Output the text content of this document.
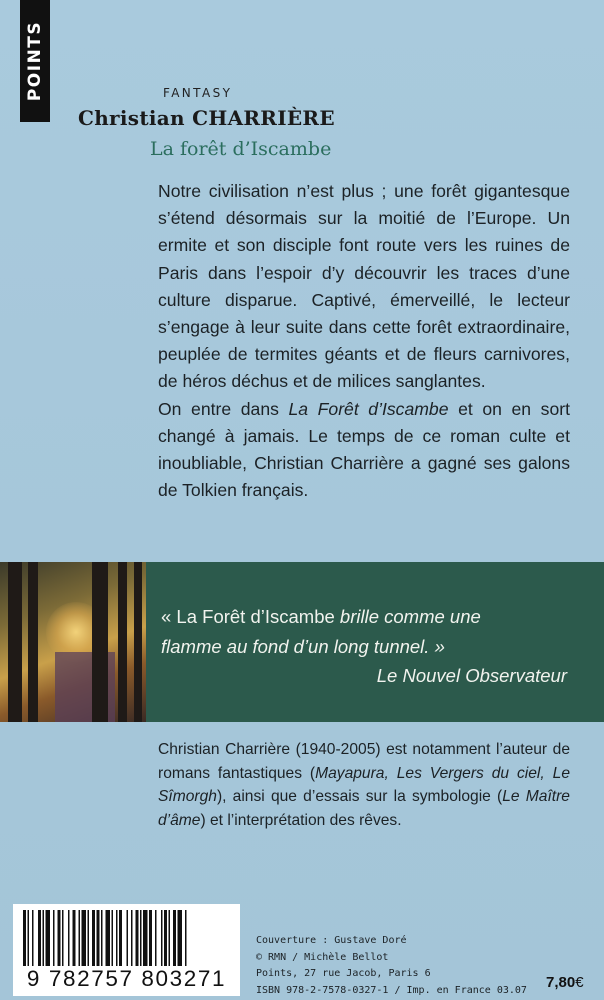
POINTS	FANTASY
Christian CHARRIÈRE
La forêt d’Iscambe

Notre civilisation n’est plus ; une forêt gigantesque s’étend désormais sur la moitié de l’Europe. Un ermite et son disciple font route vers les ruines de Paris dans l’espoir d’y découvrir les traces d’une culture disparue. Captivé, émerveillé, le lecteur s’engage à leur suite dans cette forêt extraordinaire, peuplée de termites géants et de fleurs carnivores, de héros déchus et de milices sanglantes.

On entre dans La Forêt d’Iscambe et on en sort changé à jamais. Le temps de ce roman culte et inoubliable, Christian Charrière a gagné ses galons de Tolkien français.

« La Forêt d’Iscambe brille comme une
flamme au fond d’un long tunnel. »
Le Nouvel Observateur
Christian Charrière (1940-2005) est notamment l’auteur de romans fantastiques (Mayapura, Les Vergers du ciel, Le Sîmorgh), ainsi que d’essais sur la symbologie (Le Maître d’âme) et l’interprétation des rêves.
9 782757 803271
Couverture : Gustave Doré
© RMN / Michèle Bellot
Points, 27 rue Jacob, Paris 6
ISBN 978-2-7578-0327-1 / Imp. en France 03.07 7,80€
